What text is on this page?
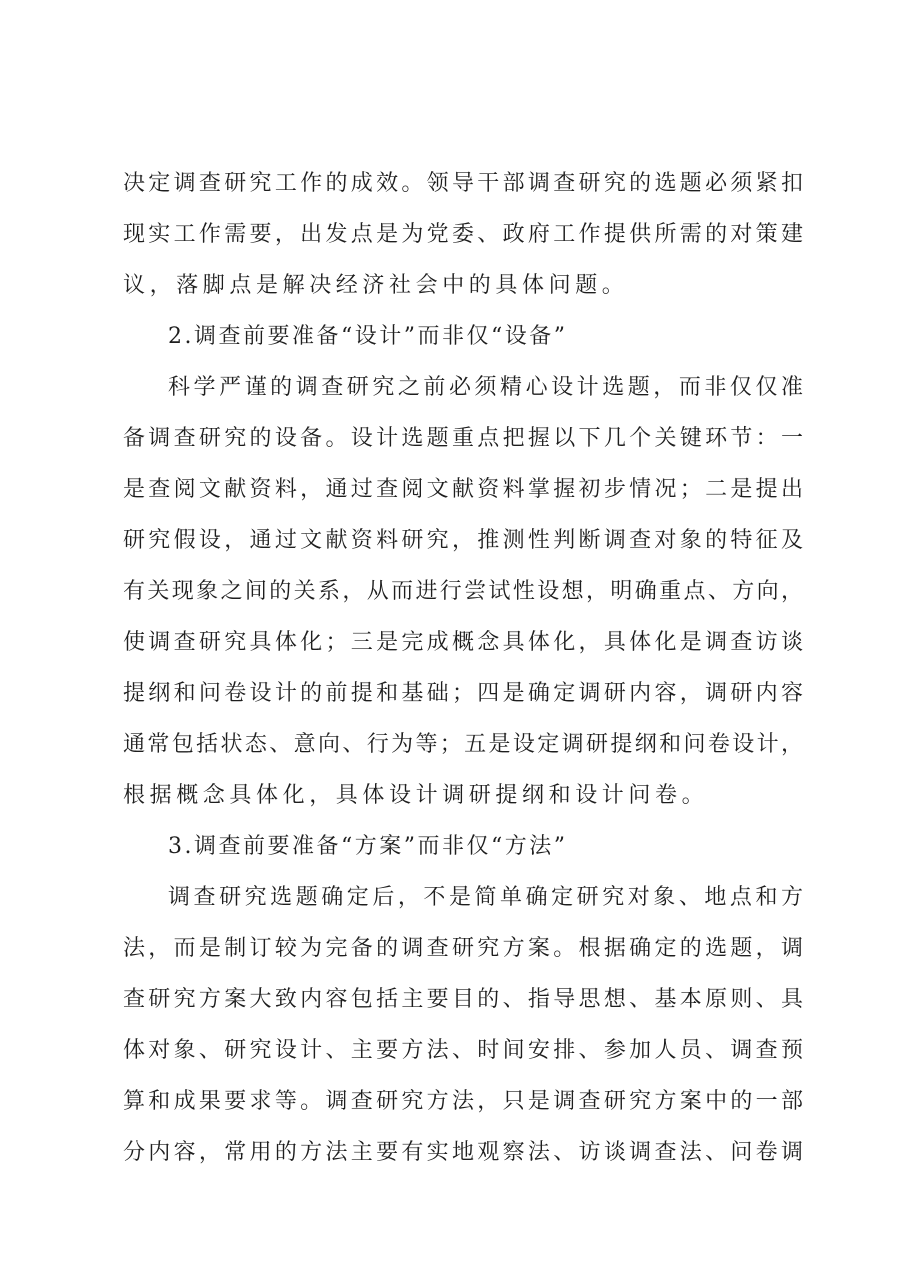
决定调查研究工作的成效。领导干部调查研究的选题必须紧扣
现实工作需要，出发点是为党委、政府工作提供所需的对策建
议，落脚点是解决经济社会中的具体问题。
2.调查前要准备“设计”而非仅“设备”
科学严谨的调查研究之前必须精心设计选题，而非仅仅准
备调查研究的设备。设计选题重点把握以下几个关键环节：一
是查阅文献资料，通过查阅文献资料掌握初步情况；二是提出
研究假设，通过文献资料研究，推测性判断调查对象的特征及
有关现象之间的关系，从而进行尝试性设想，明确重点、方向，
使调查研究具体化；三是完成概念具体化，具体化是调查访谈
提纲和问卷设计的前提和基础；四是确定调研内容，调研内容
通常包括状态、意向、行为等；五是设定调研提纲和问卷设计，
根据概念具体化，具体设计调研提纲和设计问卷。
3.调查前要准备“方案”而非仅“方法”
调查研究选题确定后，不是简单确定研究对象、地点和方
法，而是制订较为完备的调查研究方案。根据确定的选题，调
查研究方案大致内容包括主要目的、指导思想、基本原则、具
体对象、研究设计、主要方法、时间安排、参加人员、调查预
算和成果要求等。调查研究方法，只是调查研究方案中的一部
分内容，常用的方法主要有实地观察法、访谈调查法、问卷调
